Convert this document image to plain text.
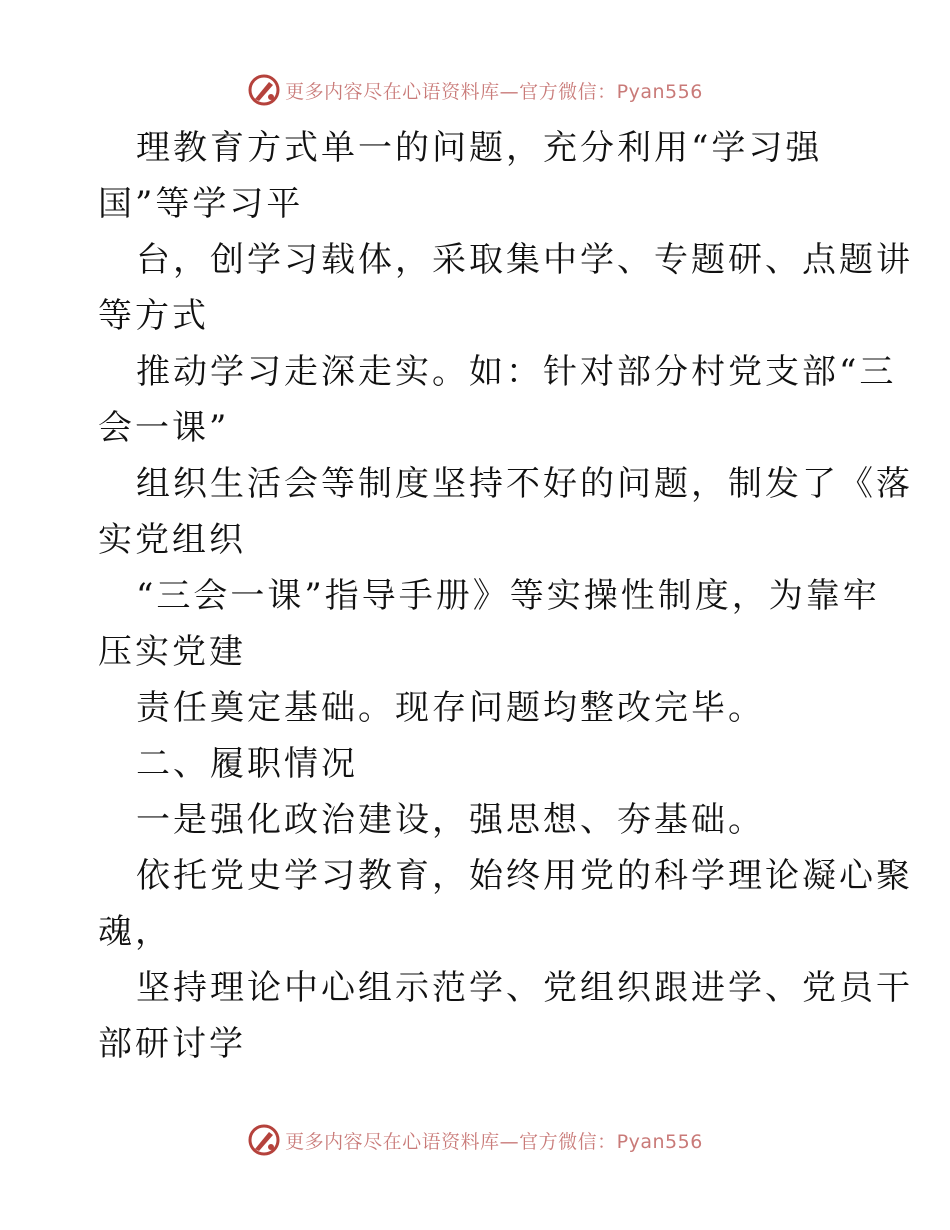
更多内容尽在心语资料库—官方微信：Pyan556
理教育方式单一的问题，充分利用“学习强
国”等学习平
台，创学习载体，采取集中学、专题研、点题讲
等方式
推动学习走深走实。如：针对部分村党支部“三
会一课”
组织生活会等制度坚持不好的问题，制发了《落
实党组织
“三会一课”指导手册》等实操性制度，为靠牢
压实党建
责任奠定基础。现存问题均整改完毕。
二、履职情况
一是强化政治建设，强思想、夯基础。
依托党史学习教育，始终用党的科学理论凝心聚
魂，
坚持理论中心组示范学、党组织跟进学、党员干
部研讨学
更多内容尽在心语资料库—官方微信：Pyan556
